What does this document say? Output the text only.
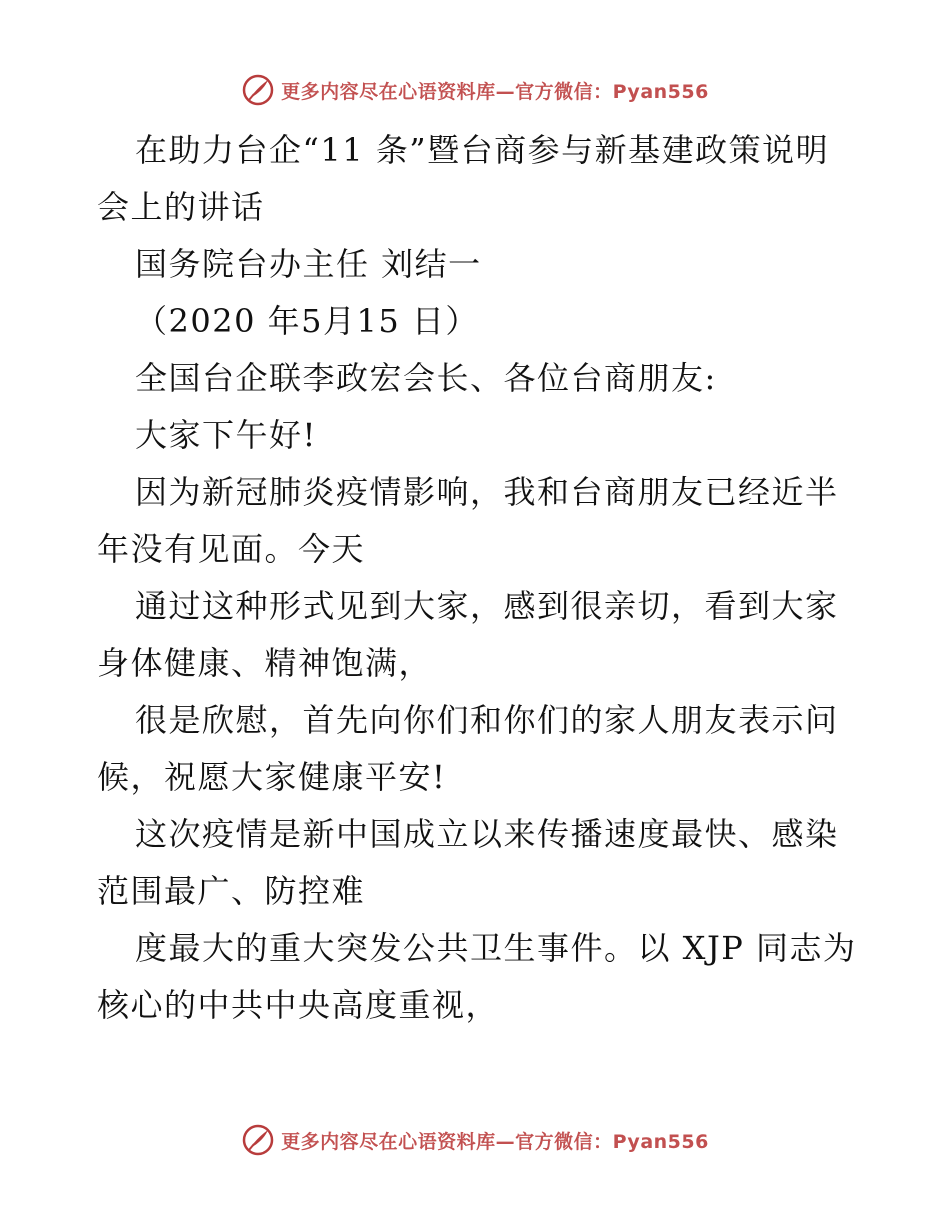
更多内容尽在心语资料库—官方微信：Pyan556

在助力台企“11 条”暨台商参与新基建政策说明会上的讲话

国务院台办主任 刘结一

（2020 年5月15 日）

全国台企联李政宏会长、各位台商朋友:

大家下午好!

因为新冠肺炎疫情影响，我和台商朋友已经近半年没有见面。今天

通过这种形式见到大家，感到很亲切，看到大家身体健康、精神饱满，

很是欣慰，首先向你们和你们的家人朋友表示问候，祝愿大家健康平安!

这次疫情是新中国成立以来传播速度最快、感染范围最广、防控难

度最大的重大突发公共卫生事件。以 XJP 同志为核心的中共中央高度重视，

更多内容尽在心语资料库—官方微信：Pyan556
